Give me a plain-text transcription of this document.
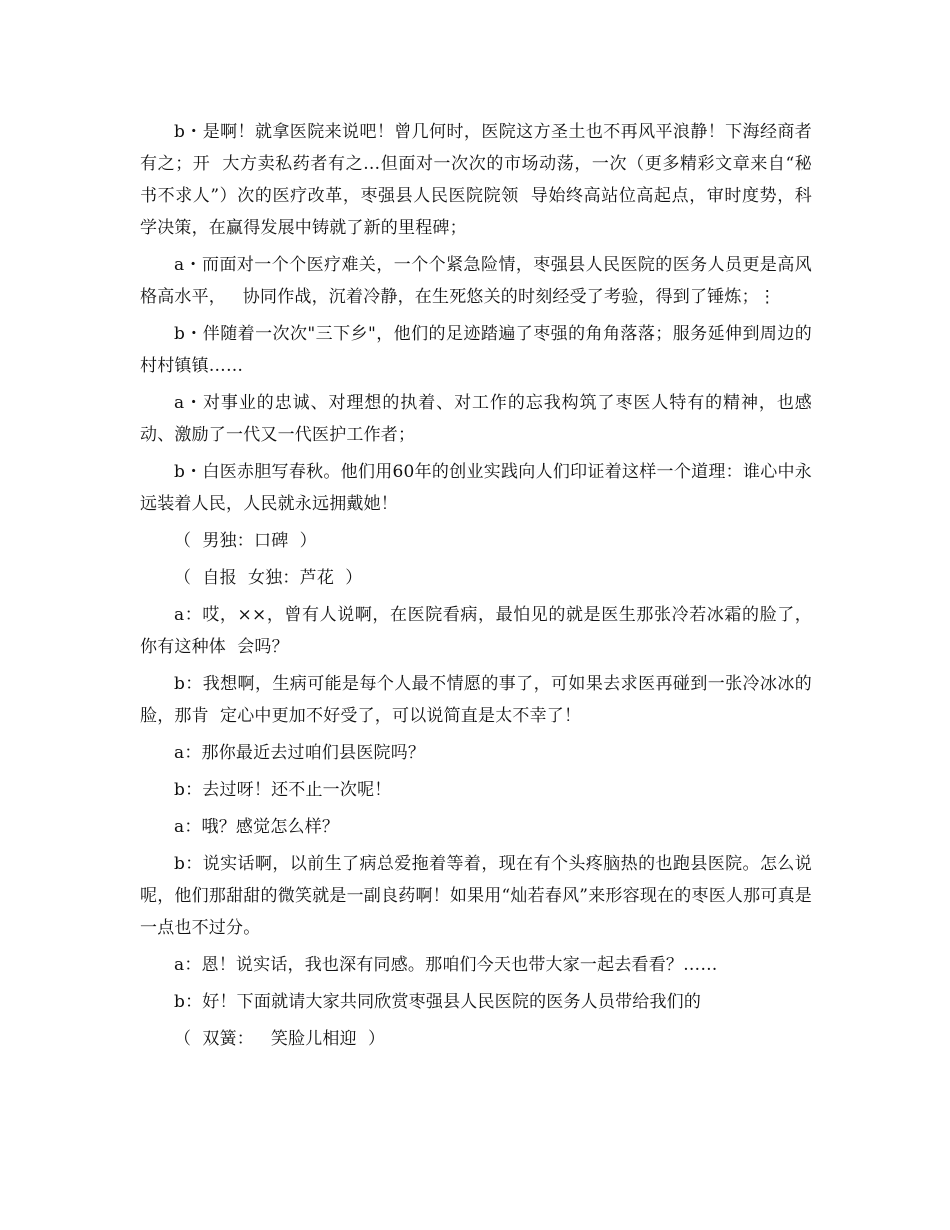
b・是啊！就拿医院来说吧！曾几何时，医院这方圣土也不再风平浪静！下海经商者有之；开  大方卖私药者有之…但面对一次次的市场动荡，一次（更多精彩文章来自“秘书不求人”）次的医疗改革，枣强县人民医院院领  导始终高站位高起点，审时度势，科学决策，在赢得发展中铸就了新的里程碑；

a・而面对一个个医疗难关，一个个紧急险情，枣强县人民医院的医务人员更是高风格高水平，   协同作战，沉着冷静，在生死悠关的时刻经受了考验，得到了锤炼；⋮

b・伴随着一次次"三下乡"，他们的足迹踏遍了枣强的角角落落；服务延伸到周边的村村镇镇……

a・对事业的忠诚、对理想的执着、对工作的忘我构筑了枣医人特有的精神，也感动、激励了一代又一代医护工作者；

b・白医赤胆写春秋。他们用60年的创业实践向人们印证着这样一个道理：谁心中永远装着人民，人民就永远拥戴她！

（  男独：口碑  ）

（  自报  女独：芦花  ）

a：哎，××，曾有人说啊，在医院看病，最怕见的就是医生那张冷若冰霜的脸了，你有这种体  会吗？

b：我想啊，生病可能是每个人最不情愿的事了，可如果去求医再碰到一张冷冰冰的脸，那肯  定心中更加不好受了，可以说简直是太不幸了！

a：那你最近去过咱们县医院吗？

b：去过呀！还不止一次呢！

a：哦？感觉怎么样？

b：说实话啊，以前生了病总爱拖着等着，现在有个头疼脑热的也跑县医院。怎么说呢，他们那甜甜的微笑就是一副良药啊！如果用“灿若春风”来形容现在的枣医人那可真是一点也不过分。

a：恩！说实话，我也深有同感。那咱们今天也带大家一起去看看？……

b：好！下面就请大家共同欣赏枣强县人民医院的医务人员带给我们的

（  双簧：   笑脸儿相迎  ）
